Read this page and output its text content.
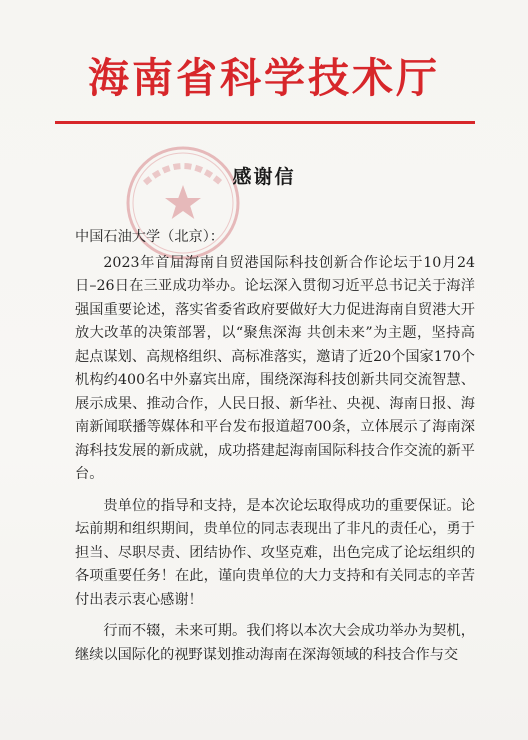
海南省科学技术厅
感谢信

中国石油大学（北京）：

2023年首届海南自贸港国际科技创新合作论坛于10月24日–26日在三亚成功举办。论坛深入贯彻习近平总书记关于海洋强国重要论述，落实省委省政府要做好大力促进海南自贸港大开放大改革的决策部署，以“聚焦深海 共创未来”为主题，坚持高起点谋划、高规格组织、高标准落实，邀请了近20个国家170个机构约400名中外嘉宾出席，围绕深海科技创新共同交流智慧、展示成果、推动合作，人民日报、新华社、央视、海南日报、海南新闻联播等媒体和平台发布报道超700条，立体展示了海南深海科技发展的新成就，成功搭建起海南国际科技合作交流的新平台。

贵单位的指导和支持，是本次论坛取得成功的重要保证。论坛前期和组织期间，贵单位的同志表现出了非凡的责任心，勇于担当、尽职尽责、团结协作、攻坚克难，出色完成了论坛组织的各项重要任务！在此，谨向贵单位的大力支持和有关同志的辛苦付出表示衷心感谢！

行而不辍，未来可期。我们将以本次大会成功举办为契机，继续以国际化的视野谋划推动海南在深海领域的科技合作与交
